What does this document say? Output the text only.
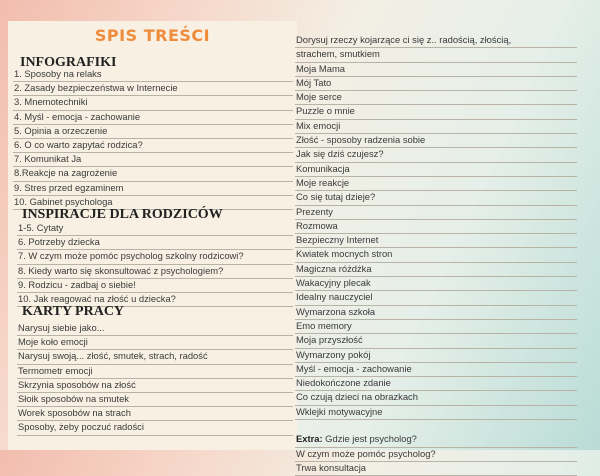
SPIS TREŚCI
INFOGRAFIKI
1. Sposoby na relaks
2. Zasady bezpieczeństwa w Internecie
3. Mnemotechniki
4. Myśl - emocja - zachowanie
5. Opinia a orzeczenie
6. O co warto zapytać rodzica?
7. Komunikat Ja
8.Reakcje na zagrożenie
9. Stres przed egzaminem
10. Gabinet psychologa
INSPIRACJE DLA RODZICÓW
1-5. Cytaty
6. Potrzeby dziecka
7. W czym może pomóc psycholog szkolny rodzicowi?
8. Kiedy warto się skonsultować z psychologiem?
9. Rodzicu - zadbaj o siebie!
10. Jak reagować na złość u dziecka?
KARTY PRACY
Narysuj siebie jako...
Moje koło emocji
Narysuj swoją... złość, smutek, strach, radość
Termometr emocji
Skrzynia sposobów na złość
Słoik sposobów na smutek
Worek sposobów na strach
Sposoby, żeby poczuć radości
Dorysuj rzeczy kojarzące ci się z.. radością, złością,
strachem, smutkiem
Moja Mama
Mój Tato
Moje serce
Puzzle o mnie
Mix emocji
Złość - sposoby radzenia sobie
Jak się dziś czujesz?
Komunikacja
Moje reakcje
Co się tutaj dzieje?
Prezenty
Rozmowa
Bezpieczny Internet
Kwiatek mocnych stron
Magiczna różdżka
Wakacyjny plecak
Idealny nauczyciel
Wymarzona szkoła
Emo memory
Moja przyszłość
Wymarzony pokój
Myśl - emocja - zachowanie
Niedokończone zdanie
Co czują dzieci na obrazkach
Wklejki motywacyjne
Extra: Gdzie jest psycholog?
W czym może pomóc psycholog?
Trwa konsultacja
